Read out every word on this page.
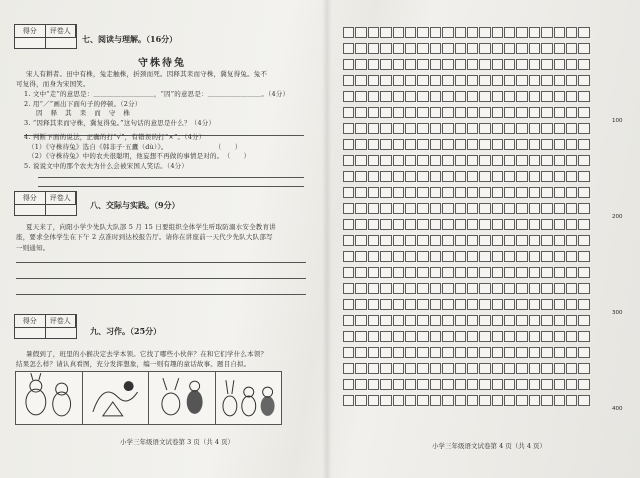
得分	评卷人
七、阅读与理解。（16分）
守株待兔
宋人有耕者。田中有株，兔走触株，折颈而死。因释其耒而守株，冀复得兔。兔不
可复得，而身为宋国笑。
1. 文中“走”的意思是：＿＿＿＿＿＿＿＿＿，“因”的意思是：＿＿＿＿＿＿＿＿。（4分）
2. 用“／”画出下面句子的停顿。（2分）
因 释 其 耒 而 守 株
3. “因释其耒而守株，冀复得兔。”这句话的意思是什么？（4分）
4. 判断下面的说法，正确的打“√”，有错误的打“×”。（4分）
（1）《守株待兔》选自《韩非子·五蠹（dù）》。　　　　　　　　（　　）
（2）《守株待兔》中的农夫很聪明，他妄想不再做的事情是对的。　（　　）
5. 说说文中的那个农夫为什么会被宋国人笑话。（4分）
得分	评卷人
八、交际与实践。（9分）
夏天来了，向阳小学少先队大队部 5 月 15 日要组织全体学生听取防溺水安全教育讲
座，要求全体学生在下午 2 点准时到达校报告厅。请你在讲座前一天代少先队大队部写
一则通知。
得分	评卷人
九、习作。（25分）
暑假到了，班里的小猴决定去学本领。它找了哪些小伙伴？在和它们学什么本领？
结果怎么样？请认真看图，充分发挥想象，编一则有趣的童话故事。题目自拟。
小学三年级语文试卷第 3 页（共 4 页）
100
200
300
400
小学三年级语文试卷第 4 页（共 4 页）
